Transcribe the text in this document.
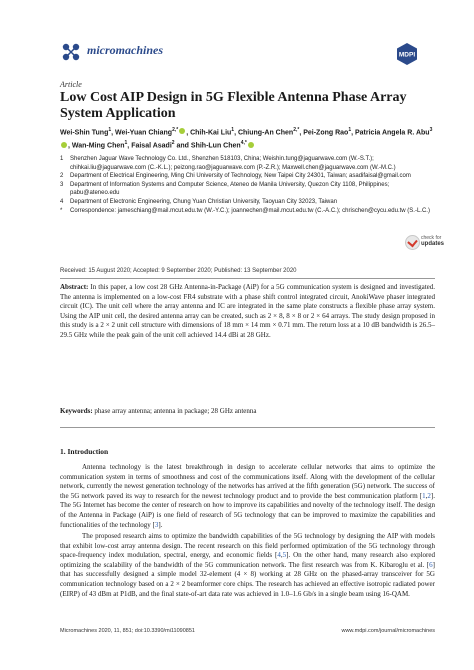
micromachines	MDPI
Article
Low Cost AIP Design in 5G Flexible Antenna Phase Array System Application
Wei-Shin Tung$^1$, Wei-Yuan Chiang$^{2,*}$ , Chih-Kai Liu$^1$, Chiung-An Chen$^{2,*}$, Pei-Zong Rao$^1$, Patricia Angela R. Abu$^3$, Wan-Ming Chen$^1$, Faisal Asadi$^2$ and Shih-Lun Chen$^{4,*}$
1	Shenzhen Jaguar Wave Technology Co. Ltd., Shenzhen 518103, China; Weishin.tung@jaguarwave.com (W.-S.T.); chihkai.liu@jaguarwave.com (C.-K.L.); peizong.rao@jaguarwave.com (P.-Z.R.); Maxwell.chen@jaguarwave.com (W.-M.C.)
2	Department of Electrical Engineering, Ming Chi University of Technology, New Taipei City 24301, Taiwan; asadifaisal@gmail.com
3	Department of Information Systems and Computer Science, Ateneo de Manila University, Quezon City 1108, Philippines; pabu@ateneo.edu
4	Department of Electronic Engineering, Chung Yuan Christian University, Taoyuan City 32023, Taiwan
*	Correspondence: jameschiang@mail.mcut.edu.tw (W.-Y.C.); joannechen@mail.mcut.edu.tw (C.-A.C.); chrischen@cycu.edu.tw (S.-L.C.)
Received: 15 August 2020; Accepted: 9 September 2020; Published: 13 September 2020
check for
updates
Abstract: In this paper, a low cost 28 GHz Antenna-in-Package (AiP) for a 5G communication system is designed and investigated. The antenna is implemented on a low-cost FR4 substrate with a phase shift control integrated circuit, AnokiWave phaser integrated circuit (IC). The unit cell where the array antenna and IC are integrated in the same plate constructs a flexible phase array system. Using the AIP unit cell, the desired antenna array can be created, such as 2 × 8, 8 × 8 or 2 × 64 arrays. The study design proposed in this study is a 2 × 2 unit cell structure with dimensions of 18 mm × 14 mm × 0.71 mm. The return loss at a 10 dB bandwidth is 26.5–29.5 GHz while the peak gain of the unit cell achieved 14.4 dBi at 28 GHz.
Keywords: phase array antenna; antenna in package; 28 GHz antenna
1. Introduction
Antenna technology is the latest breakthrough in design to accelerate cellular networks that aims to optimize the communication system in terms of smoothness and cost of the communications itself. Along with the development of the cellular network, currently the newest generation technology of the networks has arrived at the fifth generation (5G) network. The success of the 5G network paved its way to research for the newest technology product and to provide the best communication platform [1,2]. The 5G Internet has become the center of research on how to improve its capabilities and novelty of the technology itself. The design of the Antenna in Package (AiP) is one field of research of 5G technology that can be improved to maximize the capabilities and functionalities of the technology [3].
The proposed research aims to optimize the bandwidth capabilities of the 5G technology by designing the AIP with models that exhibit low-cost array antenna design. The recent research on this field performed optimization of the 5G technology through space-frequency index modulation, spectral, energy, and economic fields [4,5]. On the other hand, many research also explored optimizing the scalability of the bandwidth of the 5G communication network. The first research was from K. Kibaroglu et al. [6] that has successfully designed a simple model 32-element (4 × 8) working at 28 GHz on the phased-array transceiver for 5G communication technology based on a 2 × 2 beamformer core chips. The research has achieved an effective isotropic radiated power (EIRP) of 43 dBm at P1dB, and the final state-of-art data rate was achieved in 1.0–1.6 Gb/s in a single beam using 16-QAM.
Micromachines 2020, 11, 851; doi:10.3390/mi11090851	www.mdpi.com/journal/micromachines
